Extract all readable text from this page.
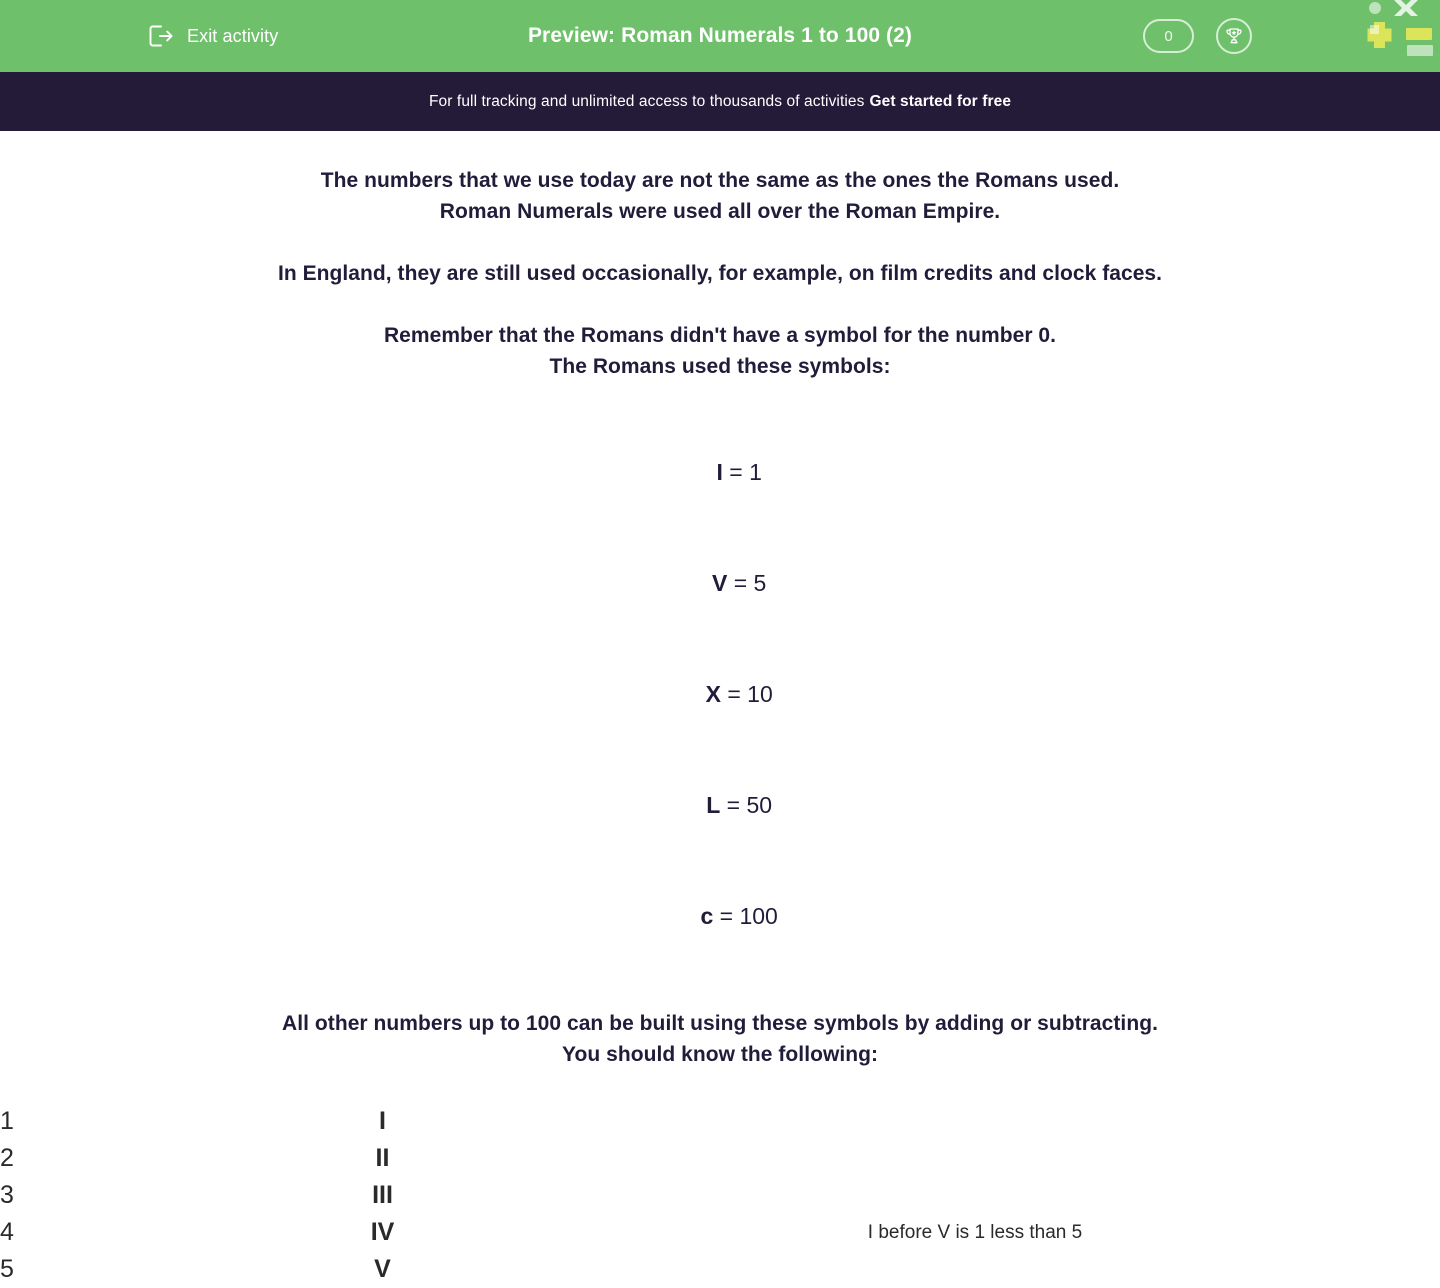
Exit activity	Preview: Roman Numerals 1 to 100 (2)	0
For full tracking and unlimited access to thousands of activities Get started for free
The numbers that we use today are not the same as the ones the Romans used.
Roman Numerals were used all over the Roman Empire.
In England, they are still used occasionally, for example, on film credits and clock faces.
Remember that the Romans didn't have a symbol for the number 0.
The Romans used these symbols:

I = 1

V = 5

X = 10

L = 50

c = 100

All other numbers up to 100 can be built using these symbols by adding or subtracting.
You should know the following:
1	I	
2	II	
3	III	
4	IV	I before V is 1 less than 5
5	V	
